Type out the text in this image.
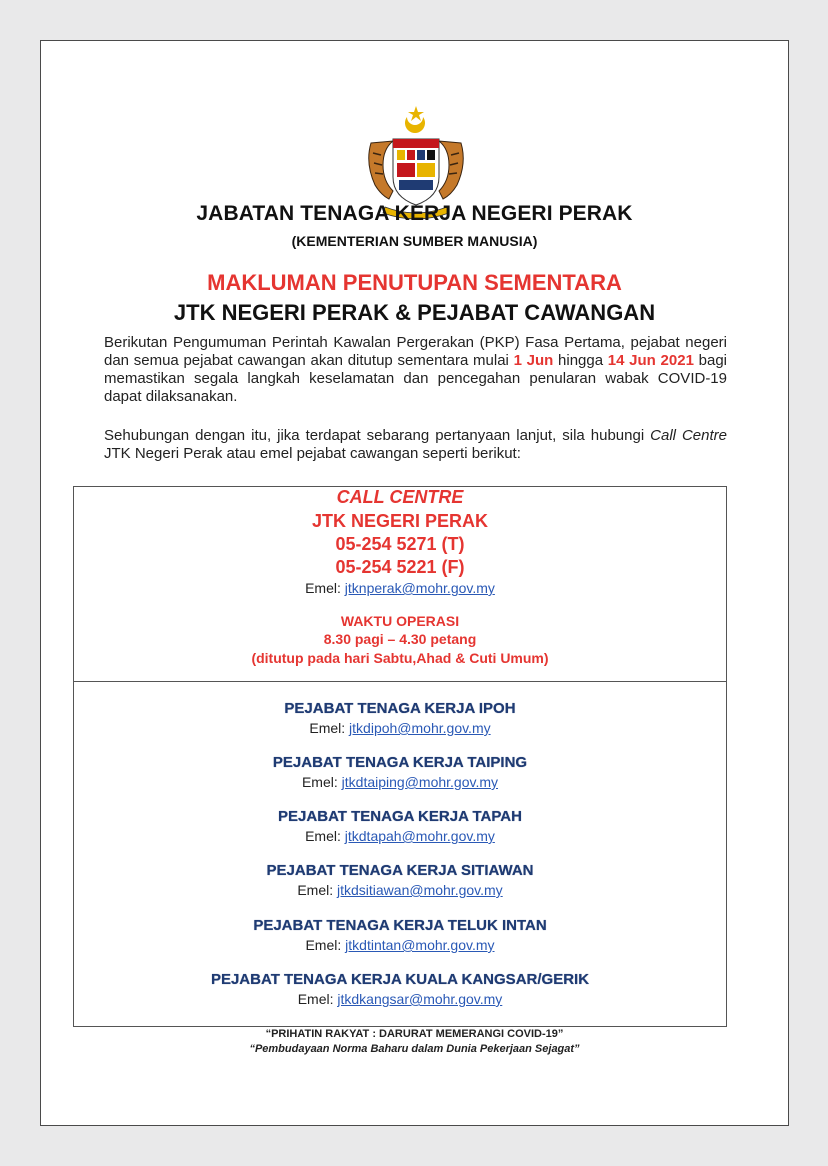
JABATAN TENAGA KERJA NEGERI PERAK

(KEMENTERIAN SUMBER MANUSIA)

MAKLUMAN PENUTUPAN SEMENTARA

JTK NEGERI PERAK & PEJABAT CAWANGAN

Berikutan Pengumuman Perintah Kawalan Pergerakan (PKP) Fasa Pertama, pejabat negeri dan semua pejabat cawangan akan ditutup sementara mulai 1 Jun hingga 14 Jun 2021 bagi memastikan segala langkah keselamatan dan pencegahan penularan wabak COVID-19 dapat dilaksanakan.

Sehubungan dengan itu, jika terdapat sebarang pertanyaan lanjut, sila hubungi Call Centre JTK Negeri Perak atau emel pejabat cawangan seperti berikut:

CALL CENTRE

JTK NEGERI PERAK

05-254 5271 (T)

05-254 5221 (F)

Emel: jtknperak@mohr.gov.my

WAKTU OPERASI

8.30 pagi – 4.30 petang

(ditutup pada hari Sabtu,Ahad & Cuti Umum)

PEJABAT TENAGA KERJA IPOH

Emel: jtkdipoh@mohr.gov.my

PEJABAT TENAGA KERJA TAIPING

Emel: jtkdtaiping@mohr.gov.my

PEJABAT TENAGA KERJA TAPAH

Emel: jtkdtapah@mohr.gov.my

PEJABAT TENAGA KERJA SITIAWAN

Emel: jtkdsitiawan@mohr.gov.my

PEJABAT TENAGA KERJA TELUK INTAN

Emel: jtkdtintan@mohr.gov.my

PEJABAT TENAGA KERJA KUALA KANGSAR/GERIK

Emel: jtkdkangsar@mohr.gov.my

“PRIHATIN RAKYAT : DARURAT MEMERANGI COVID-19”

“Pembudayaan Norma Baharu dalam Dunia Pekerjaan Sejagat”
